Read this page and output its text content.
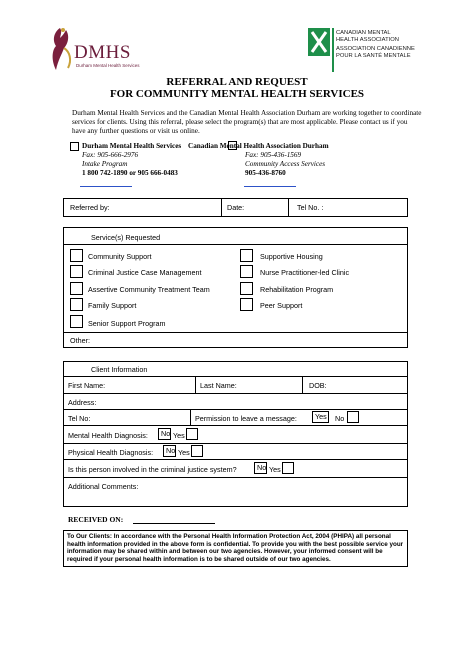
DMHS
Durham Mental Health Services
CANADIAN MENTAL
HEALTH ASSOCIATION
ASSOCIATION CANADIENNE
POUR LA SANTÉ MENTALE
REFERRAL AND REQUEST
FOR COMMUNITY MENTAL HEALTH SERVICES
Durham Mental Health Services and the Canadian Mental Health Association Durham are working together to coordinate services for clients. Using this referral, please select the program(s) that are most applicable. Please contact us if you have any further questions or visit us online.
Durham Mental Health Services
Fax: 905-666-2976
Intake Program
1 800 742-1890 or 905 666-0483
Canadian Mental Health Association Durham
Fax: 905-436-1569
Community Access Services
905-436-8760
Referred by:	Date:	Tel No. :
Service(s) Requested
Community Support
Criminal Justice Case Management
Assertive Community Treatment Team
Family Support
Senior Support Program
Supportive Housing
Nurse Practitioner-led Clinic
Rehabilitation Program
Peer Support
Other:
Client Information
First Name:	Last Name:	DOB:
Address:
Tel No:	Permission to leave a message:	Yes	No
Mental Health Diagnosis:	No Yes
Physical Health Diagnosis:	No Yes
Is this person involved in the criminal justice system?	No Yes
Additional Comments:
RECEIVED ON:
To Our Clients: In accordance with the Personal Health Information Protection Act, 2004 (PHIPA) all personal health information provided in the above form is confidential. To provide you with the best possible service your information may be shared within and between our two agencies. However, your informed consent will be required if your personal health information is to be shared outside of our two agencies.
